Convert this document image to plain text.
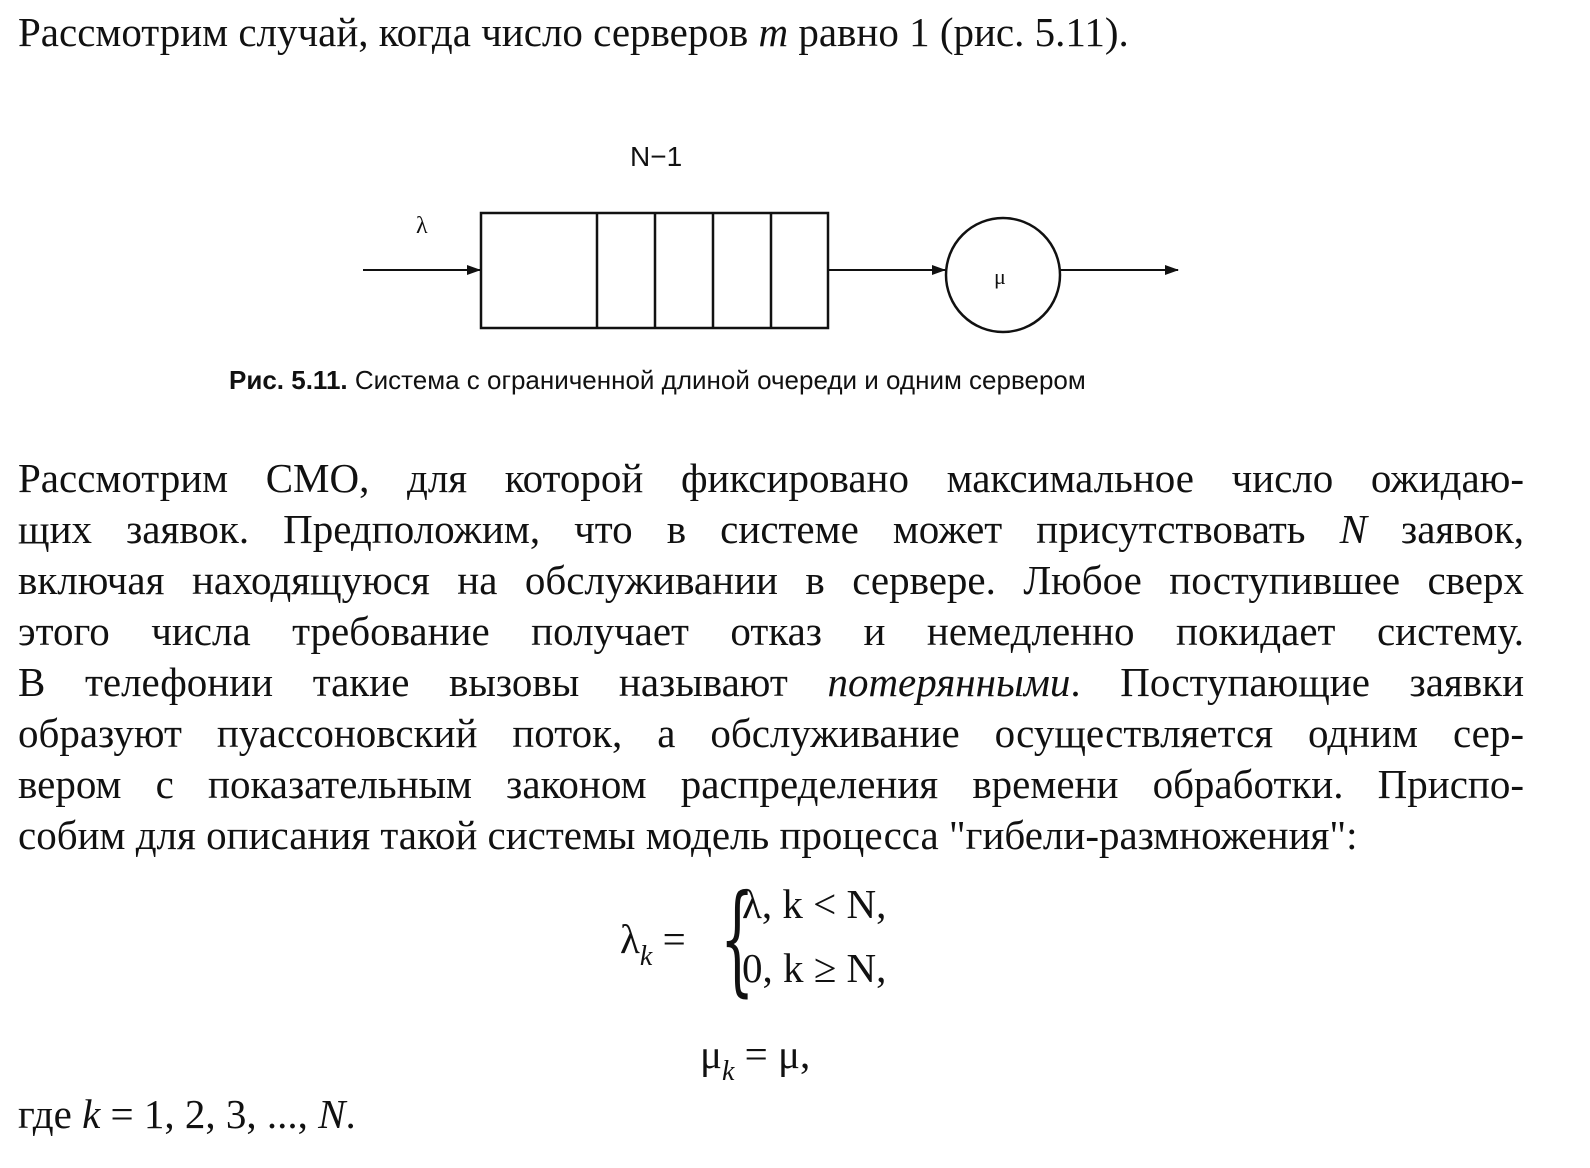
Рассмотрим случай, когда число серверов m равно 1 (рис. 5.11).
N−1
λ
μ
Рис. 5.11. Система с ограниченной длиной очереди и одним сервером
Рассмотрим СМО, для которой фиксировано максимальное число ожидаю-
щих заявок. Предположим, что в системе может присутствовать N заявок,
включая находящуюся на обслуживании в сервере. Любое поступившее сверх
этого числа требование получает отказ и немедленно покидает систему.
В телефонии такие вызовы называют потерянными. Поступающие заявки
образуют пуассоновский поток, а обслуживание осуществляется одним сер-
вером с показательным законом распределения времени обработки. Приспо-
собим для описания такой системы модель процесса "гибели-размножения":
$\lambda_k$ = {
λ, k < N,
0, k ≥ N,
$\mu_k = \mu$,
где k = 1, 2, 3, ..., N.
